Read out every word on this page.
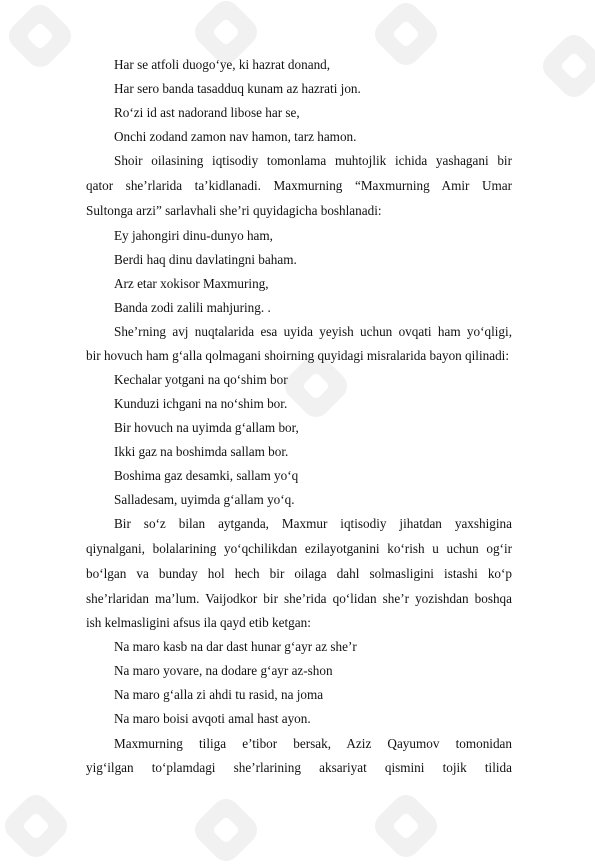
Har se atfoli duogo‘ye, ki hazrat donand,
Har sero banda tasadduq kunam az hazrati jon.
Ro‘zi id ast nadorand libose har se,
Onchi zodand zamon nav hamon, tarz hamon.
Shoir oilasining iqtisodiy tomonlama muhtojlik ichida yashagani bir
qator she’rlarida ta’kidlanadi. Maxmurning “Maxmurning Amir Umar
Sultonga arzi” sarlavhali she’ri quyidagicha boshlanadi:
Ey jahongiri dinu-dunyo ham,
Berdi haq dinu davlatingni baham.
Arz etar xokisor Maxmuring,
Banda zodi zalili mahjuring. .
She’rning avj nuqtalarida esa uyida yeyish uchun ovqati ham yo‘qligi,
bir hovuch ham g‘alla qolmagani shoirning quyidagi misralarida bayon qilinadi:
Kechalar yotgani na qo‘shim bor
Kunduzi ichgani na no‘shim bor.
Bir hovuch na uyimda g‘allam bor,
Ikki gaz na boshimda sallam bor.
Boshima gaz desamki, sallam yo‘q
Salladesam, uyimda g‘allam yo‘q.
Bir so‘z bilan aytganda, Maxmur iqtisodiy jihatdan yaxshigina
qiynalgani, bolalarining yo‘qchilikdan ezilayotganini ko‘rish u uchun og‘ir
bo‘lgan va bunday hol hech bir oilaga dahl solmasligini istashi ko‘p
she’rlaridan ma’lum. Vaijodkor bir she’rida qo‘lidan she’r yozishdan boshqa
ish kelmasligini afsus ila qayd etib ketgan:
Na maro kasb na dar dast hunar g‘ayr az she’r
Na maro yovare, na dodare g‘ayr az-shon
Na maro g‘alla zi ahdi tu rasid, na joma
Na maro boisi avqoti amal hast ayon.
Maxmurning tiliga e’tibor bersak, Aziz Qayumov tomonidan
yig‘ilgan to‘plamdagi she’rlarining aksariyat qismini tojik tilida
